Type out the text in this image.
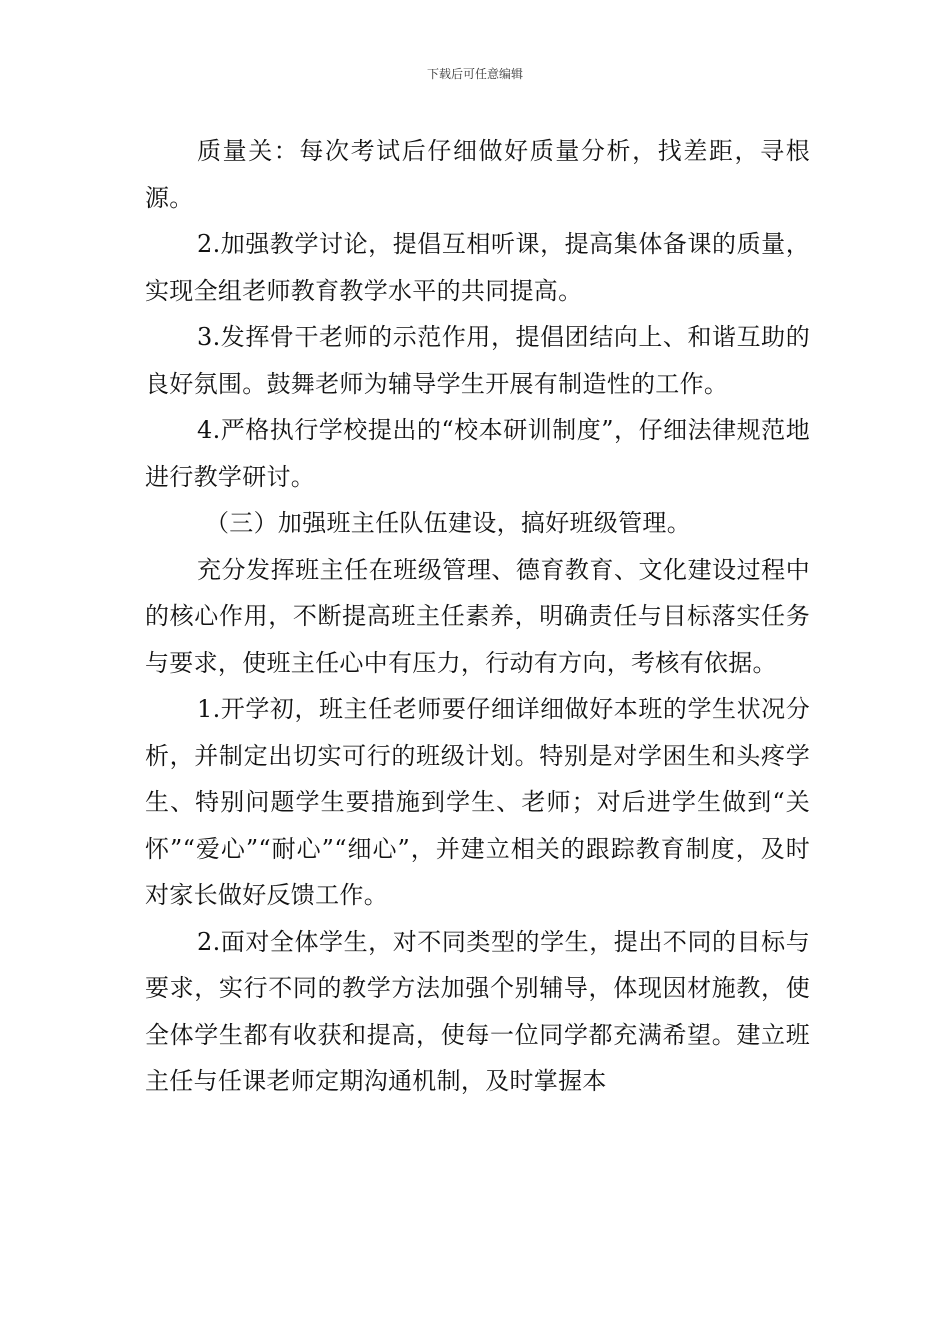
下载后可任意编辑

质量关：每次考试后仔细做好质量分析，找差距，寻根源。

2.加强教学讨论，提倡互相听课，提高集体备课的质量，实现全组老师教育教学水平的共同提高。

3.发挥骨干老师的示范作用，提倡团结向上、和谐互助的良好氛围。鼓舞老师为辅导学生开展有制造性的工作。

4.严格执行学校提出的“校本研训制度”，仔细法律规范地进行教学研讨。

（三）加强班主任队伍建设，搞好班级管理。

充分发挥班主任在班级管理、德育教育、文化建设过程中的核心作用，不断提高班主任素养，明确责任与目标落实任务与要求，使班主任心中有压力，行动有方向，考核有依据。

1.开学初，班主任老师要仔细详细做好本班的学生状况分析，并制定出切实可行的班级计划。特别是对学困生和头疼学生、特别问题学生要措施到学生、老师；对后进学生做到“关怀”“爱心”“耐心”“细心”，并建立相关的跟踪教育制度，及时对家长做好反馈工作。

2.面对全体学生，对不同类型的学生，提出不同的目标与要求，实行不同的教学方法加强个别辅导，体现因材施教，使全体学生都有收获和提高，使每一位同学都充满希望。建立班主任与任课老师定期沟通机制，及时掌握本
